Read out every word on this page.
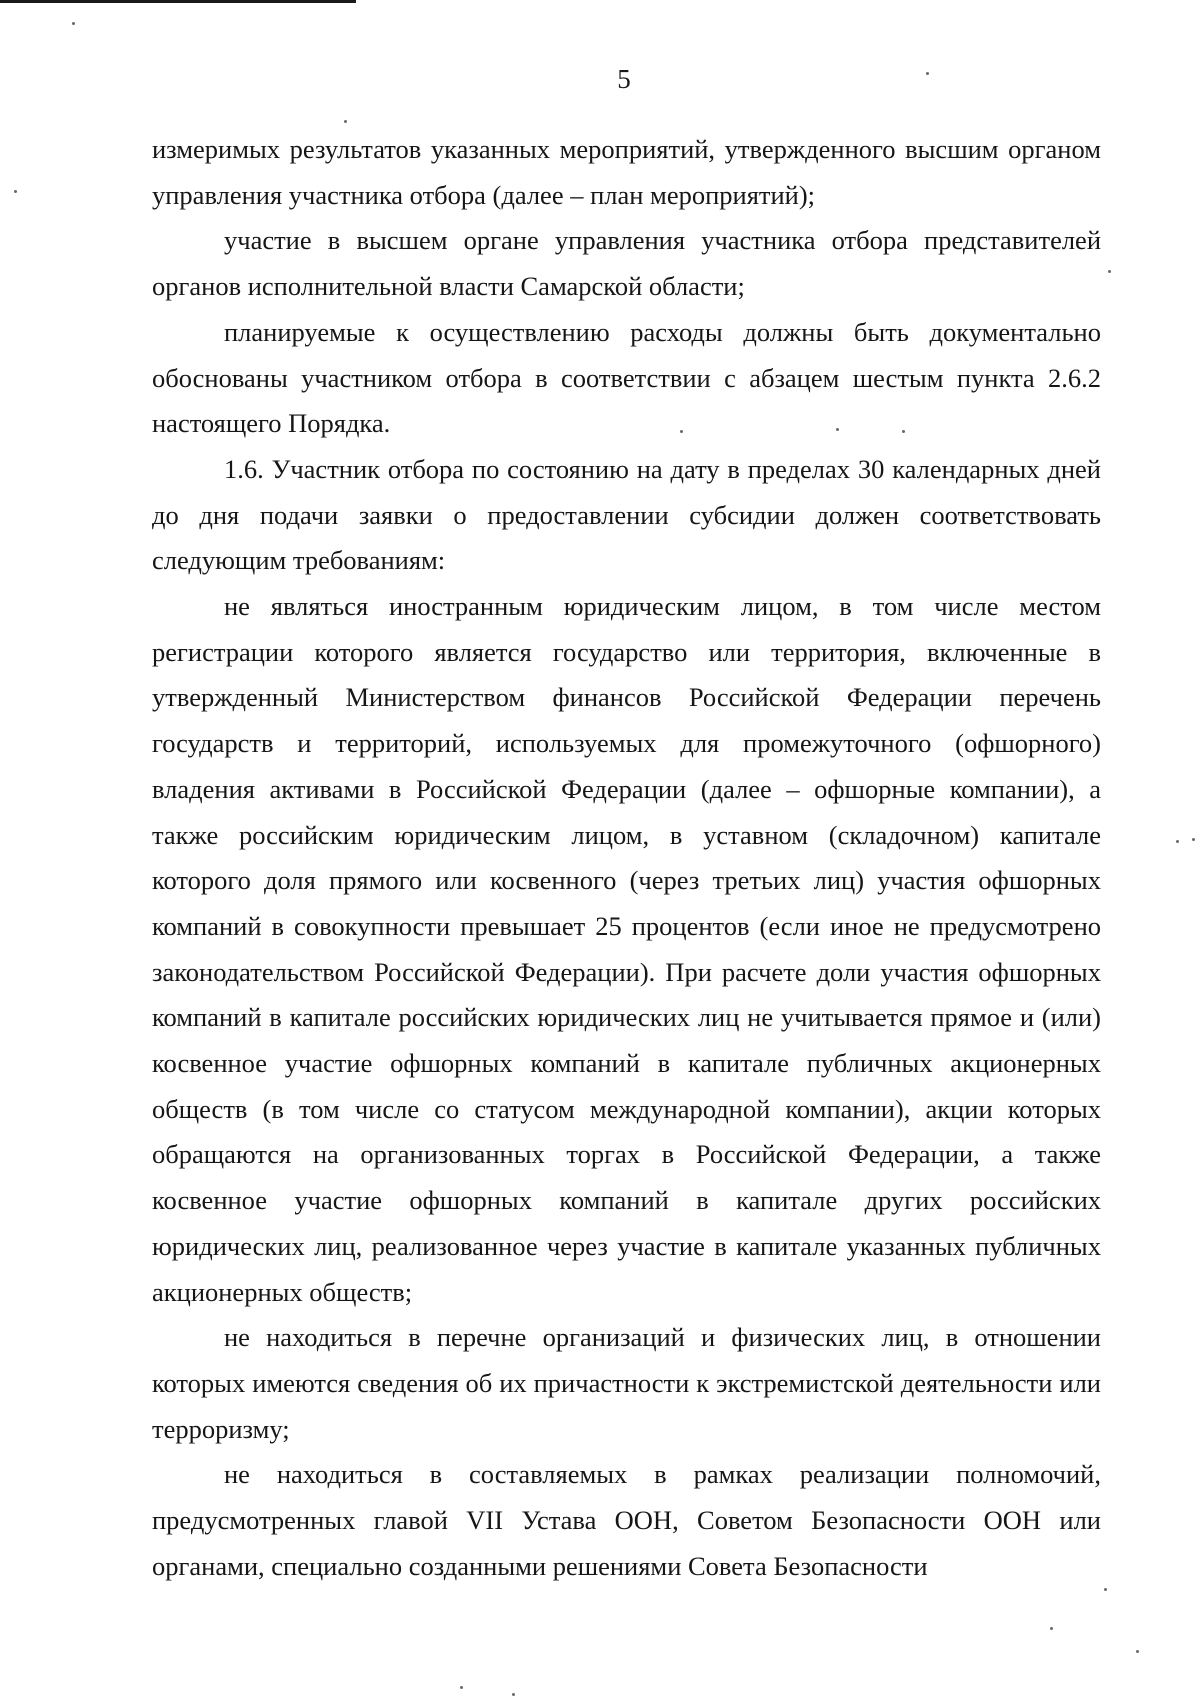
5

измеримых результатов указанных мероприятий, утвержденного высшим органом управления участника отбора (далее – план мероприятий);

участие в высшем органе управления участника отбора представителей органов исполнительной власти Самарской области;

планируемые к осуществлению расходы должны быть документально обоснованы участником отбора в соответствии с абзацем шестым пункта 2.6.2 настоящего Порядка.

1.6. Участник отбора по состоянию на дату в пределах 30 календарных дней до дня подачи заявки о предоставлении субсидии должен соответствовать следующим требованиям:

не являться иностранным юридическим лицом, в том числе местом регистрации которого является государство или территория, включенные в утвержденный Министерством финансов Российской Федерации перечень государств и территорий, используемых для промежуточного (офшорного) владения активами в Российской Федерации (далее – офшорные компании), а также российским юридическим лицом, в уставном (складочном) капитале которого доля прямого или косвенного (через третьих лиц) участия офшорных компаний в совокупности превышает 25 процентов (если иное не предусмотрено законодательством Российской Федерации). При расчете доли участия офшорных компаний в капитале российских юридических лиц не учитывается прямое и (или) косвенное участие офшорных компаний в капитале публичных акционерных обществ (в том числе со статусом международной компании), акции которых обращаются на организованных торгах в Российской Федерации, а также косвенное участие офшорных компаний в капитале других российских юридических лиц, реализованное через участие в капитале указанных публичных акционерных обществ;

не находиться в перечне организаций и физических лиц, в отношении которых имеются сведения об их причастности к экстремистской деятельности или терроризму;

не находиться в составляемых в рамках реализации полномочий, предусмотренных главой VII Устава ООН, Советом Безопасности ООН или органами, специально созданными решениями Совета Безопасности
